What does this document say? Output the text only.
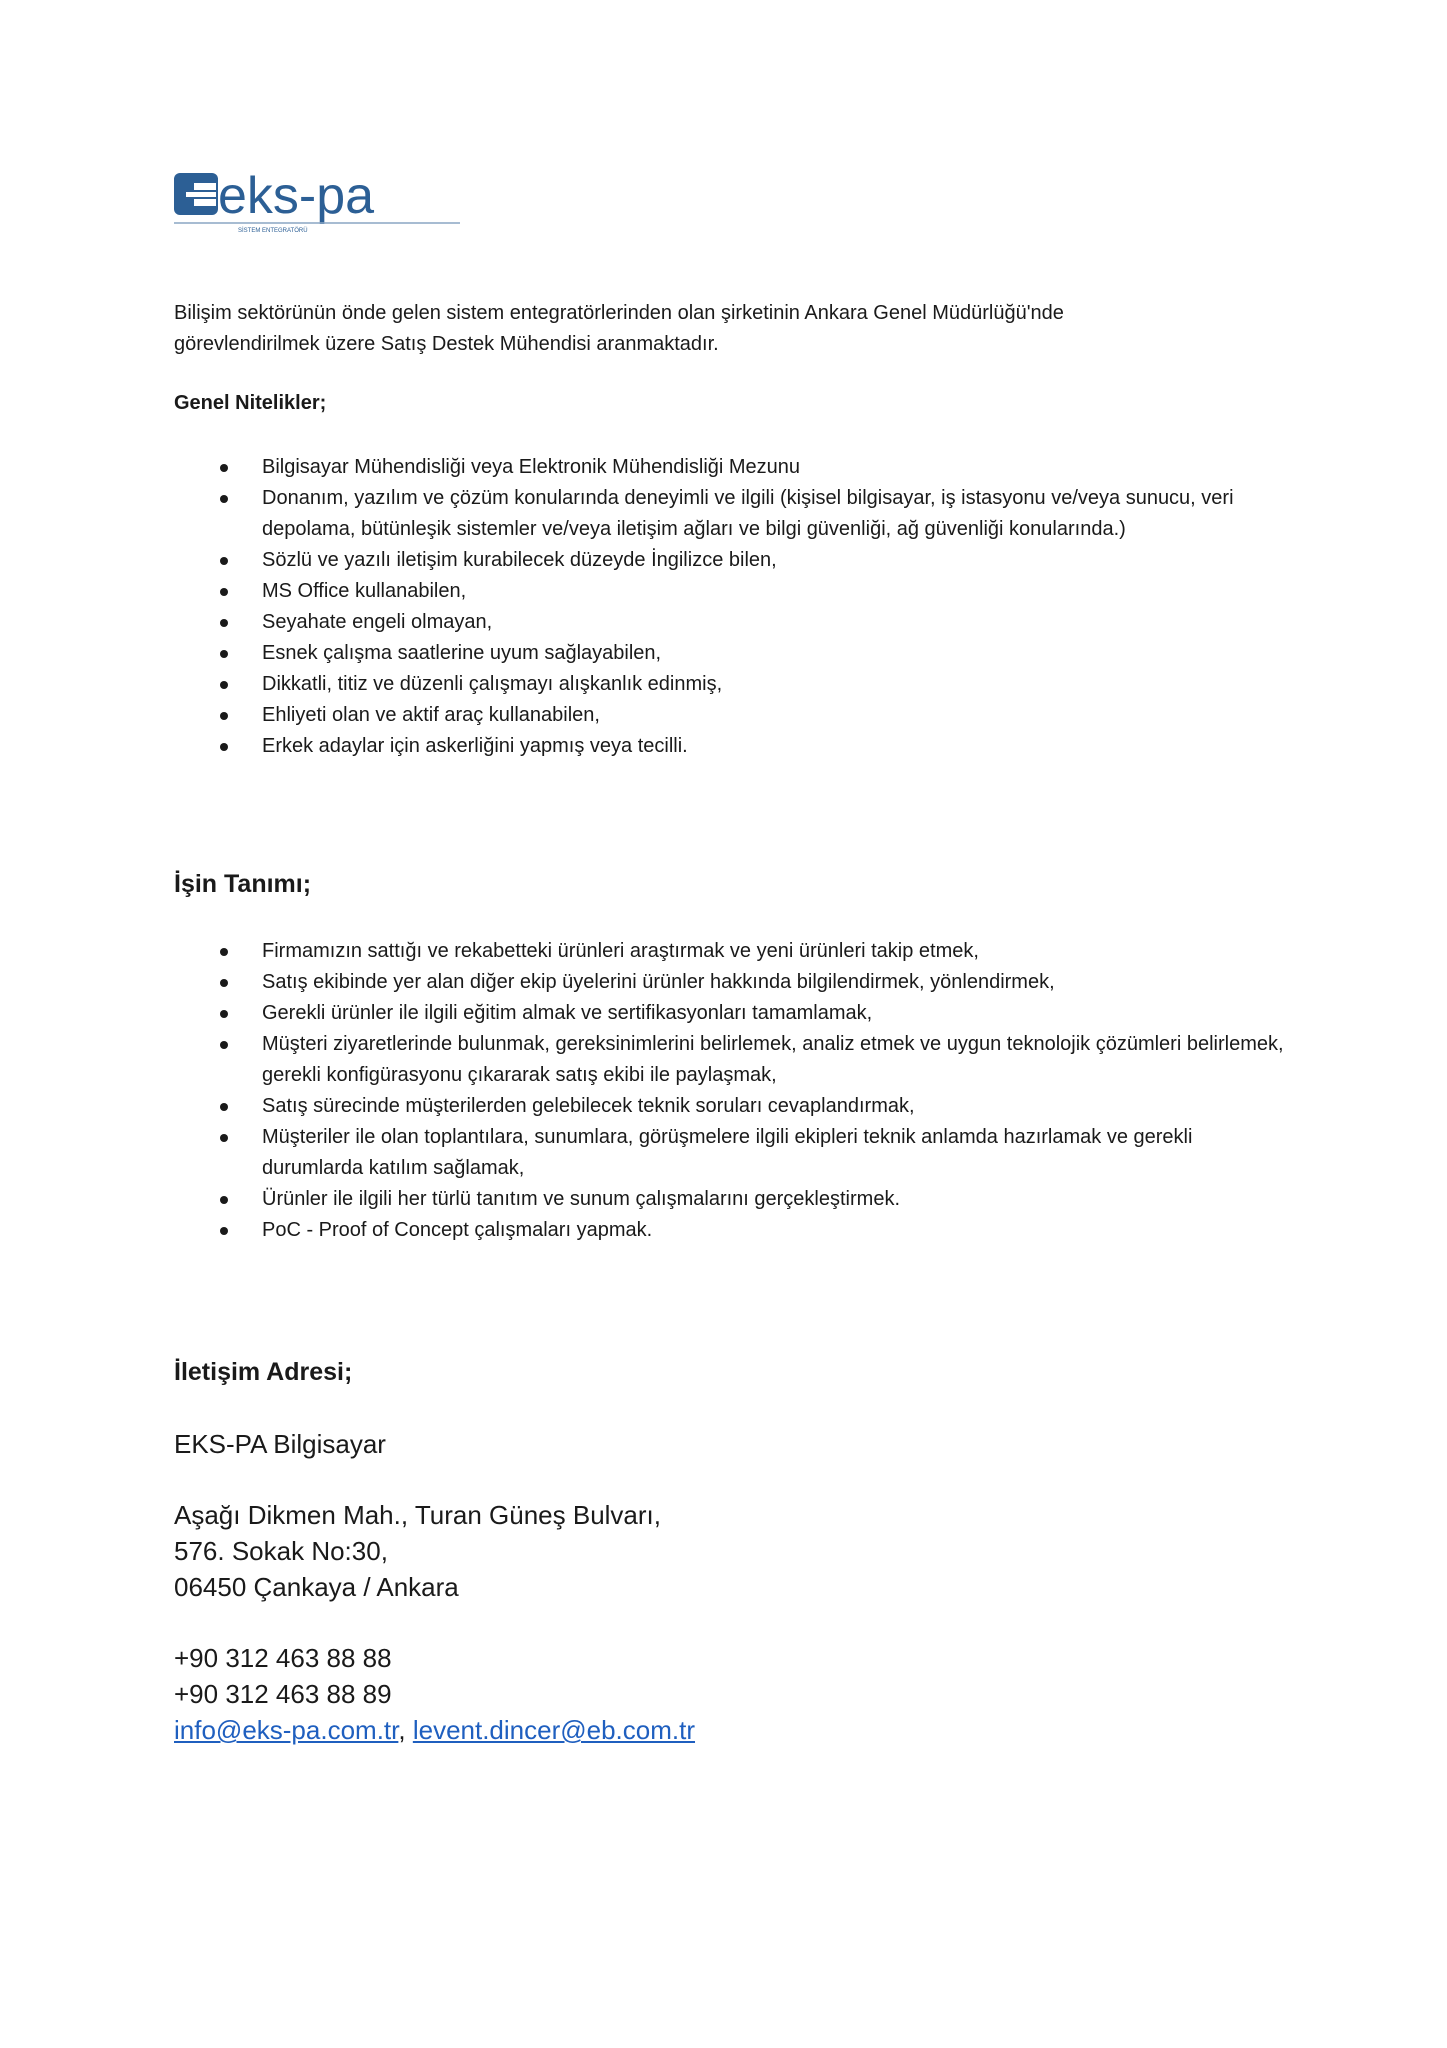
eks-pa
SİSTEM ENTEGRATÖRÜ

Bilişim sektörünün önde gelen sistem entegratörlerinden olan şirketinin Ankara Genel Müdürlüğü'nde
görevlendirilmek üzere Satış Destek Mühendisi aranmaktadır.

Genel Nitelikler;
Bilgisayar Mühendisliği veya Elektronik Mühendisliği Mezunu
Donanım, yazılım ve çözüm konularında deneyimli ve ilgili (kişisel bilgisayar, iş istasyonu ve/veya sunucu, veri depolama, bütünleşik sistemler ve/veya iletişim ağları ve bilgi güvenliği, ağ güvenliği konularında.)
Sözlü ve yazılı iletişim kurabilecek düzeyde İngilizce bilen,
MS Office kullanabilen,
Seyahate engeli olmayan,
Esnek çalışma saatlerine uyum sağlayabilen,
Dikkatli, titiz ve düzenli çalışmayı alışkanlık edinmiş,
Ehliyeti olan ve aktif araç kullanabilen,
Erkek adaylar için askerliğini yapmış veya tecilli.
İşin Tanımı;
Firmamızın sattığı ve rekabetteki ürünleri araştırmak ve yeni ürünleri takip etmek,
Satış ekibinde yer alan diğer ekip üyelerini ürünler hakkında bilgilendirmek, yönlendirmek,
Gerekli ürünler ile ilgili eğitim almak ve sertifikasyonları tamamlamak,
Müşteri ziyaretlerinde bulunmak, gereksinimlerini belirlemek, analiz etmek ve uygun teknolojik çözümleri belirlemek, gerekli konfigürasyonu çıkararak satış ekibi ile paylaşmak,
Satış sürecinde müşterilerden gelebilecek teknik soruları cevaplandırmak,
Müşteriler ile olan toplantılara, sunumlara, görüşmelere ilgili ekipleri teknik anlamda hazırlamak ve gerekli durumlarda katılım sağlamak,
Ürünler ile ilgili her türlü tanıtım ve sunum çalışmalarını gerçekleştirmek.
PoC - Proof of Concept çalışmaları yapmak.
İletişim Adresi;

EKS-PA Bilgisayar

Aşağı Dikmen Mah., Turan Güneş Bulvarı,
576. Sokak No:30,
06450 Çankaya / Ankara

+90 312 463 88 88
+90 312 463 88 89
info@eks-pa.com.tr, levent.dincer@eb.com.tr
